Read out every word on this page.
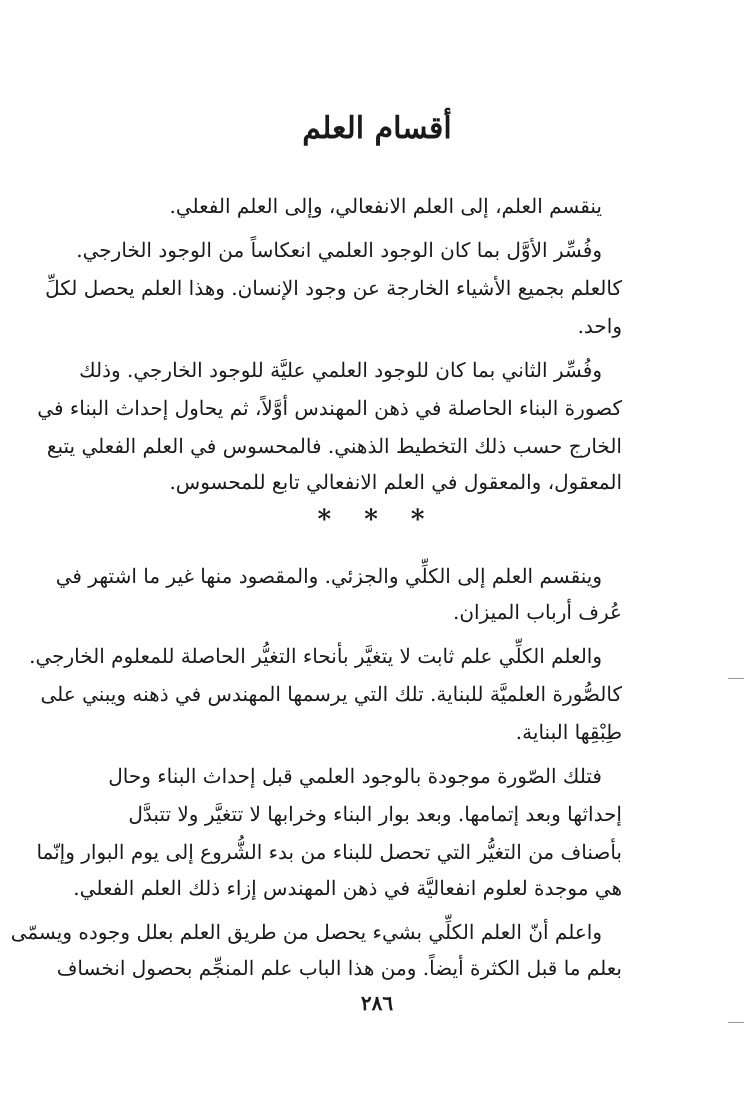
أقسام العلم
ينقسم العلم، إلى العلم الانفعالي، وإلى العلم الفعلي.
وفُسِّر الأوَّل بما كان الوجود العلمي انعكاساً من الوجود الخارجي.
كالعلم بجميع الأشياء الخارجة عن وجود الإنسان. وهذا العلم يحصل لكلِّ
واحد.
وفُسِّر الثاني بما كان للوجود العلمي عليَّة للوجود الخارجي. وذلك
كصورة البناء الحاصلة في ذهن المهندس أوَّلاً، ثم يحاول إحداث البناء في
الخارج حسب ذلك التخطيط الذهني. فالمحسوس في العلم الفعلي يتبع
المعقول، والمعقول في العلم الانفعالي تابع للمحسوس.
* * *
وينقسم العلم إلى الكلِّي والجزئي. والمقصود منها غير ما اشتهر في
عُرف أرباب الميزان.
والعلم الكلِّي علم ثابت لا يتغيَّر بأنحاء التغيُّر الحاصلة للمعلوم الخارجي.
كالصُّورة العلميَّة للبناية. تلك التي يرسمها المهندس في ذهنه ويبني على
طِبْقِها البناية.
فتلك الصّورة موجودة بالوجود العلمي قبل إحداث البناء وحال
إحداثها وبعد إتمامها. وبعد بوار البناء وخرابها لا تتغيَّر ولا تتبدَّل
بأصناف من التغيُّر التي تحصل للبناء من بدء الشُّروع إلى يوم البوار وإنّما
هي موجدة لعلوم انفعاليَّة في ذهن المهندس إزاء ذلك العلم الفعلي.
واعلم أنّ العلم الكلِّي بشيء يحصل من طريق العلم بعلل وجوده ويسمّى
بعلم ما قبل الكثرة أيضاً. ومن هذا الباب علم المنجِّم بحصول انخساف
٢٨٦
